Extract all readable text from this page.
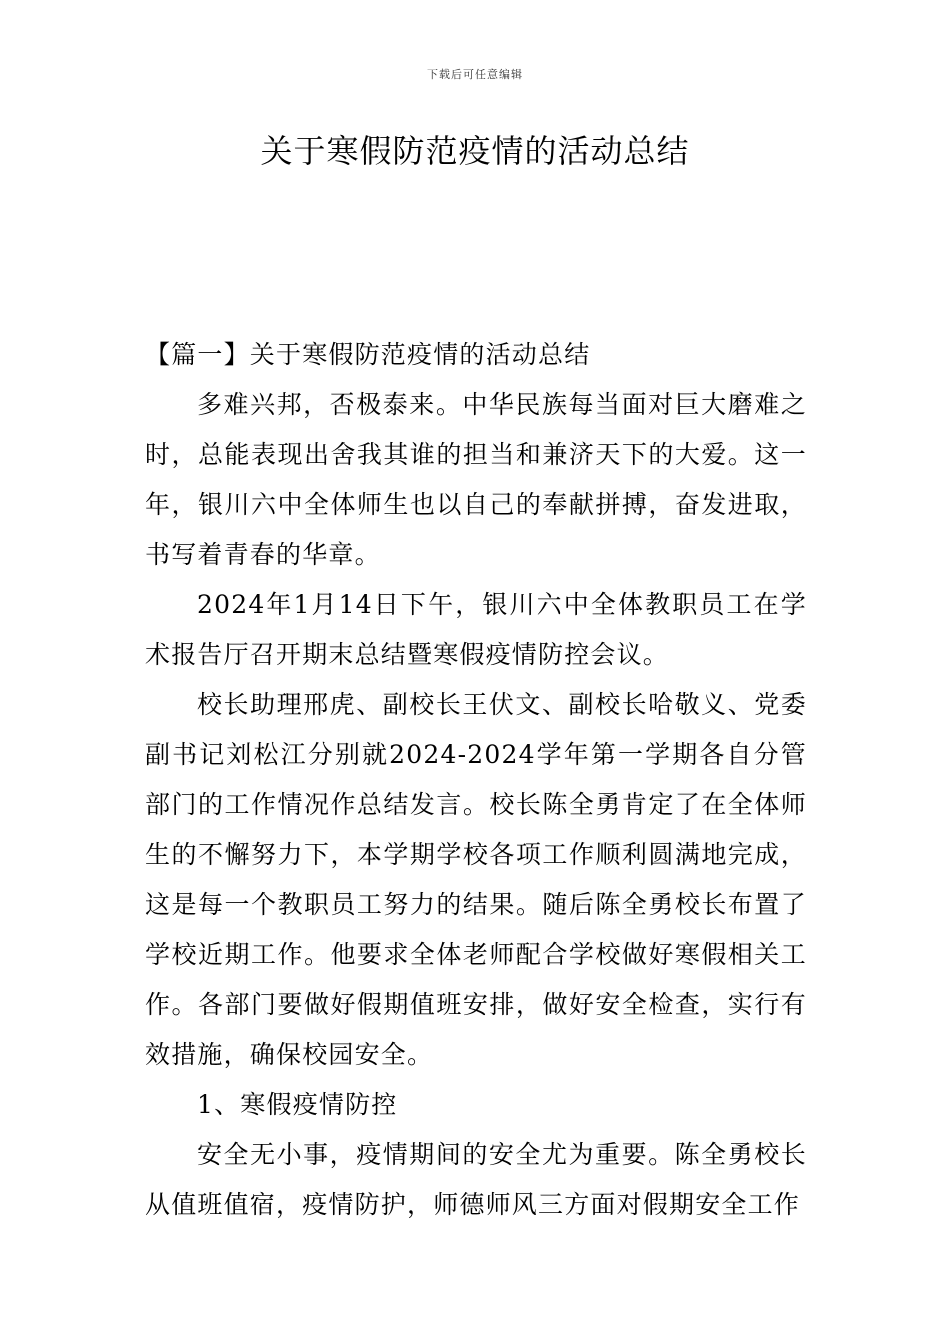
下载后可任意编辑
关于寒假防范疫情的活动总结

【篇一】关于寒假防范疫情的活动总结

多难兴邦，否极泰来。中华民族每当面对巨大磨难之时，总能表现出舍我其谁的担当和兼济天下的大爱。这一年，银川六中全体师生也以自己的奉献拼搏，奋发进取，书写着青春的华章。

2024年1月14日下午，银川六中全体教职员工在学术报告厅召开期末总结暨寒假疫情防控会议。

校长助理邢虎、副校长王伏文、副校长哈敬义、党委副书记刘松江分别就2024-2024学年第一学期各自分管部门的工作情况作总结发言。校长陈全勇肯定了在全体师生的不懈努力下，本学期学校各项工作顺利圆满地完成，这是每一个教职员工努力的结果。随后陈全勇校长布置了学校近期工作。他要求全体老师配合学校做好寒假相关工作。各部门要做好假期值班安排，做好安全检查，实行有效措施，确保校园安全。

1、寒假疫情防控

安全无小事，疫情期间的安全尤为重要。陈全勇校长从值班值宿，疫情防护，师德师风三方面对假期安全工作
